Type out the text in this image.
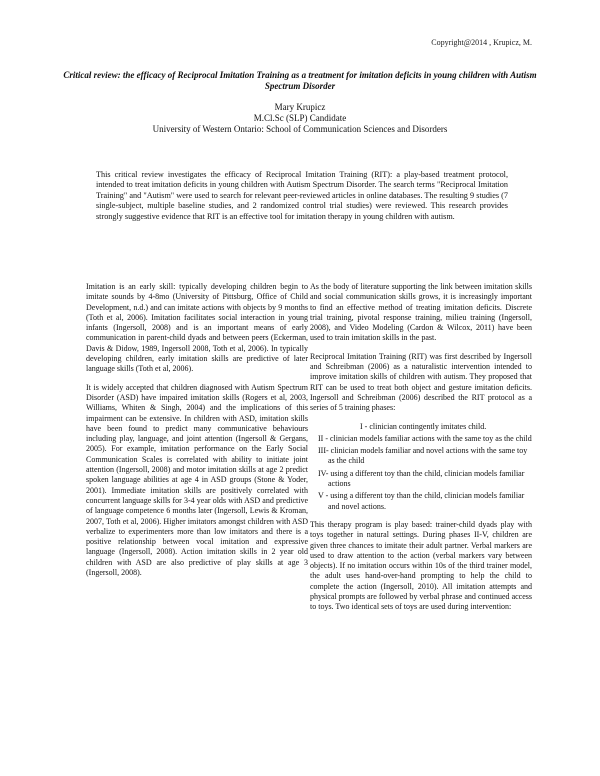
Copyright@2014 , Krupicz, M.
Critical review: the efficacy of Reciprocal Imitation Training as a treatment for imitation deficits in young children with Autism Spectrum Disorder
Mary Krupicz
M.Cl.Sc (SLP) Candidate
University of Western Ontario: School of Communication Sciences and Disorders
This critical review investigates the efficacy of Reciprocal Imitation Training (RIT): a play-based treatment protocol, intended to treat imitation deficits in young children with Autism Spectrum Disorder. The search terms "Reciprocal Imitation Training" and "Autism" were used to search for relevant peer-reviewed articles in online databases. The resulting 9 studies (7 single-subject, multiple baseline studies, and 2 randomized control trial studies) were reviewed. This research provides strongly suggestive evidence that RIT is an effective tool for imitation therapy in young children with autism.

Imitation is an early skill: typically developing children begin to imitate sounds by 4-8mo (University of Pittsburg, Office of Child Development, n.d.) and can imitate actions with objects by 9 months (Toth et al, 2006). Imitation facilitates social interaction in young infants (Ingersoll, 2008) and is an important means of early communication in parent-child dyads and between peers (Eckerman, Davis & Didow, 1989, Ingersoll 2008, Toth et al, 2006). In typically developing children, early imitation skills are predictive of later language skills (Toth et al, 2006).

It is widely accepted that children diagnosed with Autism Spectrum Disorder (ASD) have impaired imitation skills (Rogers et al, 2003, Williams, Whiten & Singh, 2004) and the implications of this impairment can be extensive. In children with ASD, imitation skills have been found to predict many communicative behaviours including play, language, and joint attention (Ingersoll & Gergans, 2005). For example, imitation performance on the Early Social Communication Scales is correlated with ability to initiate joint attention (Ingersoll, 2008) and motor imitation skills at age 2 predict spoken language abilities at age 4 in ASD groups (Stone & Yoder, 2001). Immediate imitation skills are positively correlated with concurrent language skills for 3-4 year olds with ASD and predictive of language competence 6 months later (Ingersoll, Lewis & Kroman, 2007, Toth et al, 2006). Higher imitators amongst children with ASD verbalize to experimenters more than low imitators and there is a positive relationship between vocal imitation and expressive language (Ingersoll, 2008). Action imitation skills in 2 year old children with ASD are also predictive of play skills at age 3 (Ingersoll, 2008).

As the body of literature supporting the link between imitation skills and social communication skills grows, it is increasingly important to find an effective method of treating imitation deficits. Discrete trial training, pivotal response training, milieu training (Ingersoll, 2008), and Video Modeling (Cardon & Wilcox, 2011) have been used to train imitation skills in the past.

Reciprocal Imitation Training (RIT) was first described by Ingersoll and Schreibman (2006) as a naturalistic intervention intended to improve imitation skills of children with autism. They proposed that RIT can be used to treat both object and gesture imitation deficits. Ingersoll and Schreibman (2006) described the RIT protocol as a series of 5 training phases:

I - clinician contingently imitates child.
II - clinician models familiar actions with the same toy as the child
III- clinician models familiar and novel actions with the same toy as the child
IV- using a different toy than the child, clinician models familiar actions
V - using a different toy than the child, clinician models familiar and novel actions.

This therapy program is play based: trainer-child dyads play with toys together in natural settings. During phases II-V, children are given three chances to imitate their adult partner. Verbal markers are used to draw attention to the action (verbal markers vary between objects). If no imitation occurs within 10s of the third trainer model, the adult uses hand-over-hand prompting to help the child to complete the action (Ingersoll, 2010). All imitation attempts and physical prompts are followed by verbal phrase and continued access to toys. Two identical sets of toys are used during intervention:
